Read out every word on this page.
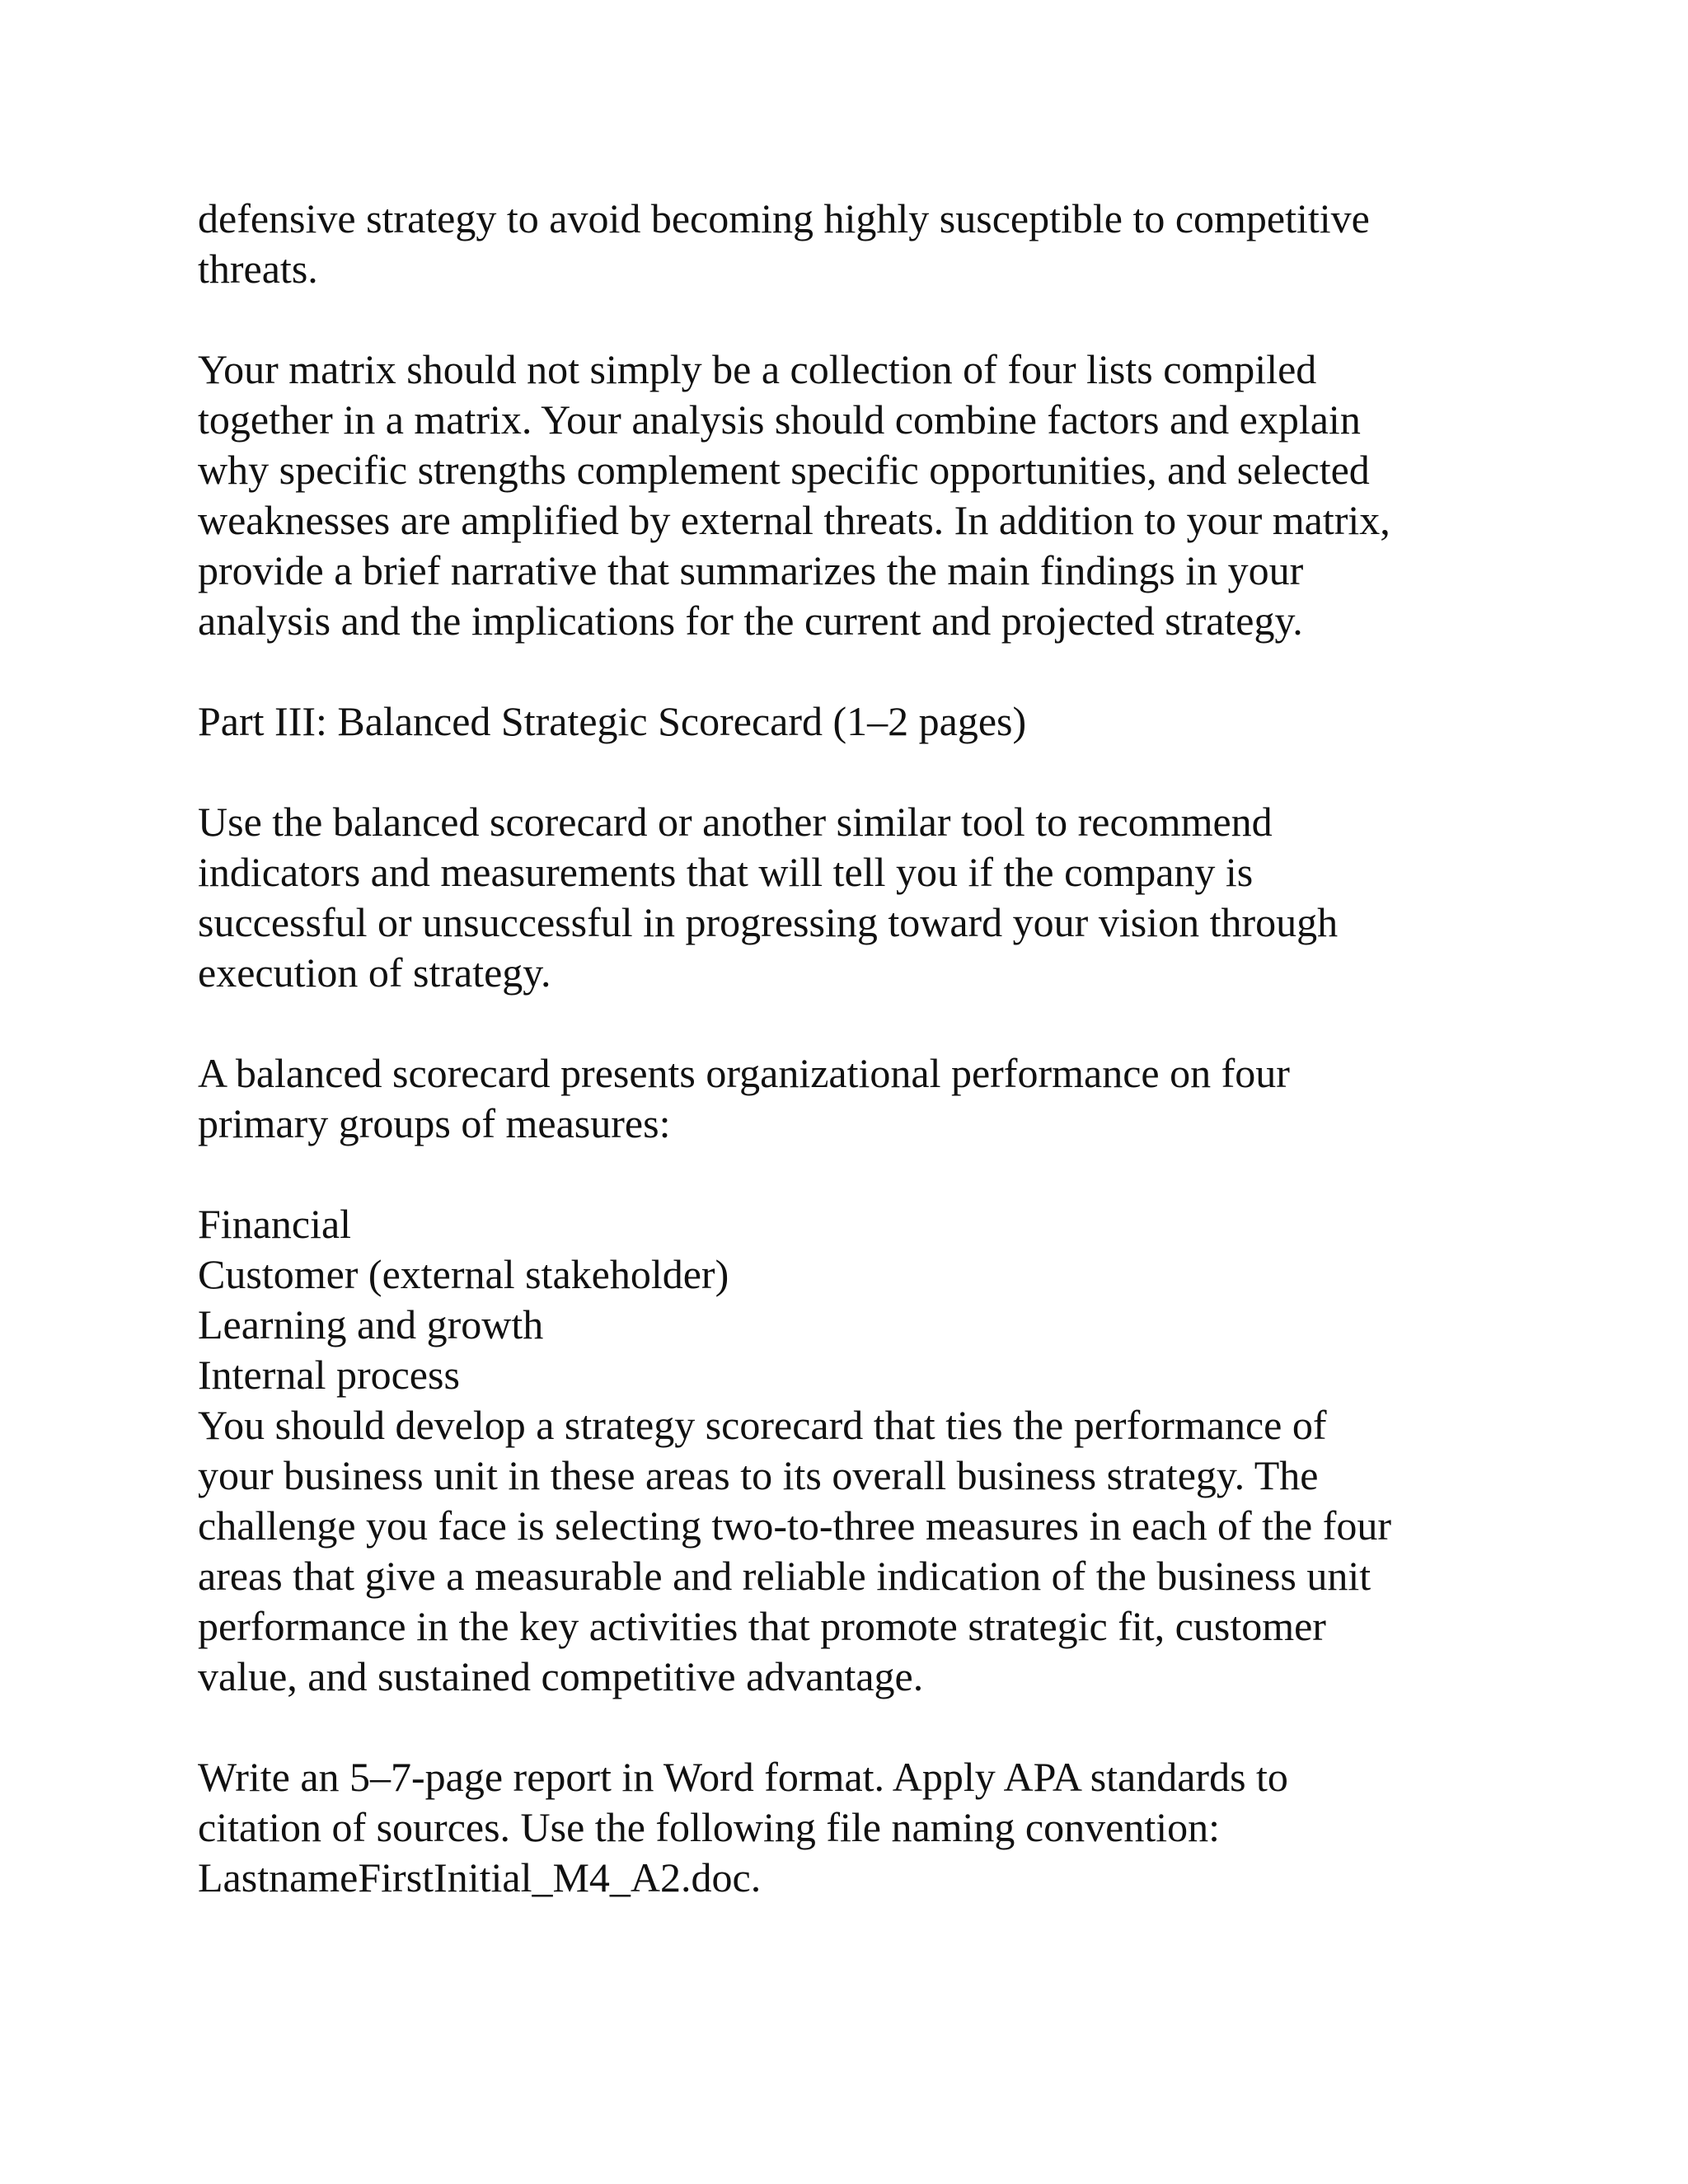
defensive strategy to avoid becoming highly susceptible to competitive
threats.

Your matrix should not simply be a collection of four lists compiled
together in a matrix. Your analysis should combine factors and explain
why specific strengths complement specific opportunities, and selected
weaknesses are amplified by external threats. In addition to your matrix,
provide a brief narrative that summarizes the main findings in your
analysis and the implications for the current and projected strategy.

Part III: Balanced Strategic Scorecard (1–2 pages)

Use the balanced scorecard or another similar tool to recommend
indicators and measurements that will tell you if the company is
successful or unsuccessful in progressing toward your vision through
execution of strategy.

A balanced scorecard presents organizational performance on four
primary groups of measures:

Financial
Customer (external stakeholder)
Learning and growth
Internal process

You should develop a strategy scorecard that ties the performance of
your business unit in these areas to its overall business strategy. The
challenge you face is selecting two-to-three measures in each of the four
areas that give a measurable and reliable indication of the business unit
performance in the key activities that promote strategic fit, customer
value, and sustained competitive advantage.

Write an 5–7-page report in Word format. Apply APA standards to
citation of sources. Use the following file naming convention:
LastnameFirstInitial_M4_A2.doc.
